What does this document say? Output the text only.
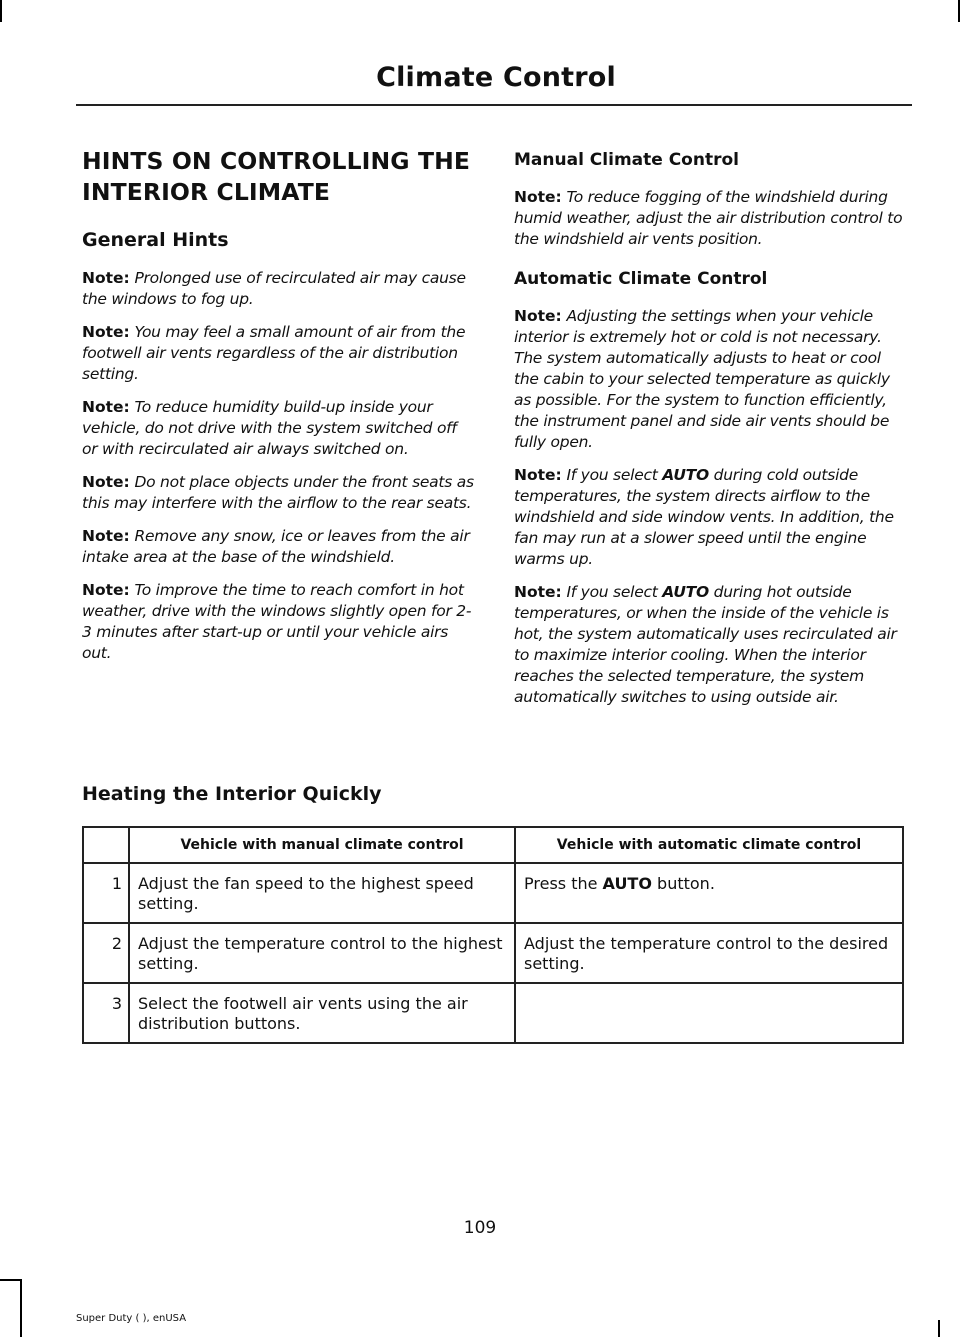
Climate Control
HINTS ON CONTROLLING THE INTERIOR CLIMATE
General Hints

Note: Prolonged use of recirculated air may cause the windows to fog up.

Note: You may feel a small amount of air from the footwell air vents regardless of the air distribution setting.

Note: To reduce humidity build-up inside your vehicle, do not drive with the system switched off or with recirculated air always switched on.

Note: Do not place objects under the front seats as this may interfere with the airflow to the rear seats.

Note: Remove any snow, ice or leaves from the air intake area at the base of the windshield.

Note: To improve the time to reach comfort in hot weather, drive with the windows slightly open for 2-3 minutes after start-up or until your vehicle airs out.

Manual Climate Control

Note: To reduce fogging of the windshield during humid weather, adjust the air distribution control to the windshield air vents position.

Automatic Climate Control

Note: Adjusting the settings when your vehicle interior is extremely hot or cold is not necessary. The system automatically adjusts to heat or cool the cabin to your selected temperature as quickly as possible. For the system to function efficiently, the instrument panel and side air vents should be fully open.

Note: If you select AUTO during cold outside temperatures, the system directs airflow to the windshield and side window vents. In addition, the fan may run at a slower speed until the engine warms up.

Note: If you select AUTO during hot outside temperatures, or when the inside of the vehicle is hot, the system automatically uses recirculated air to maximize interior cooling. When the interior reaches the selected temperature, the system automatically switches to using outside air.

Heating the Interior Quickly
	Vehicle with manual climate control	Vehicle with automatic climate control
1	Adjust the fan speed to the highest speed setting.	Press the AUTO button.
2	Adjust the temperature control to the highest setting.	Adjust the temperature control to the desired setting.
3	Select the footwell air vents using the air distribution buttons.	
109
Super Duty ( ), enUSA
